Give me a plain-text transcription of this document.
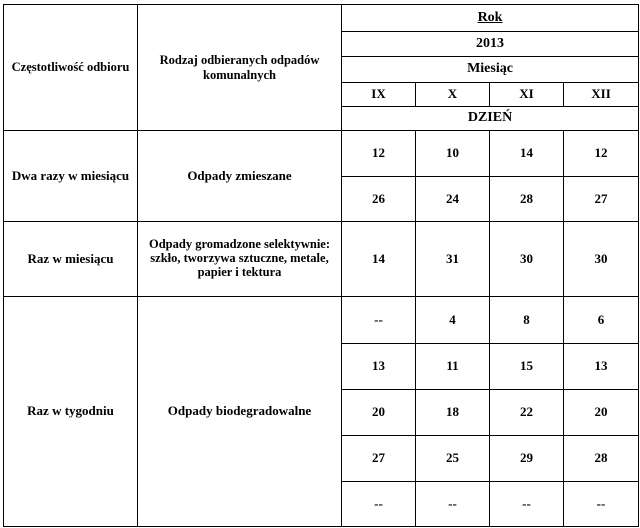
Częstotliwość odbioru	Rodzaj odbieranych odpadów komunalnych	Rok			
		2013			
		Miesiąc			
		IX	X	XI	XII
		DZIEŃ			
Dwa razy w miesiącu	Odpady zmieszane	12	10	14	12
		26	24	28	27
Raz w miesiącu	Odpady gromadzone selektywnie: szkło, tworzywa sztuczne, metale, papier i tektura	14	31	30	30
Raz w tygodniu	Odpady biodegradowalne	--	4	8	6
		13	11	15	13
		20	18	22	20
		27	25	29	28
		--	--	--	--
